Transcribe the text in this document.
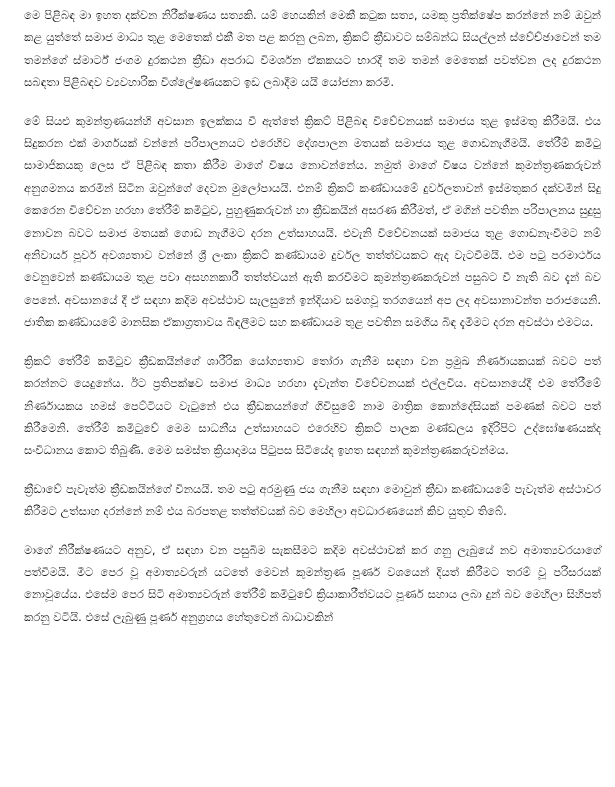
මෙ පිළිබඳ මා ඉහත දක්වන නිරීක්ෂණය සත්‍යකි. යම් හෙයකින් මෙකී කටුක සත්‍ය, යමකු ප්‍රතික්ෂේප කරන්නේ නම් ඔවුන් කළ යුත්තේ සමාජ මාධ්‍ය තුළ මෙතෙක් එකී මත පළ කරනු ලබන, ක්‍රිකට් ක්‍රීඩාවට සම්බන්ධ සියල්ලන් ස්වේච්ඡාවෙන් තම තමන්ගේ ස්මාර්ට් ජංගම දුරකථන ක්‍රීඩා අපරාධ විමර්ශන ඒකකයට භාරදී තම තමන් මෙතෙක් පවත්වන ලද දුරකථන සබඳතා පිළිබඳව ව්‍යවහාරික විශ්ලේෂණයකට ඉඩ ලබාදීම යයි යෝජනා කරමි.

මේ සියළු කුමන්ත්‍රණයන්හි අවසාන ඉලක්කය වී ඇත්තේ ක්‍රිකට් පිළිබඳ විවේචනයක් සමාජය තුළ ඉස්මතු කිරීමයි. එය සිදුකරන එක් මාර්ගයක් වන්නේ පරිපාලනයට එරෙහිව දේශපාලන මතයක් සමාජය තුළ ගොඩනැගීමයි. තේරීම් කමිටු සාමාජිකයකු ලෙස ඒ පිළිබඳ කතා කිරීම මාගේ විෂය නොවන්නේය. නමුත් මාගේ විෂය වන්නේ කුමන්ත්‍රණකරුවන් අනුගමනය කරමින් සිටින ඔවුන්ගේ දෙවන මුලෝපායයි. එනම් ක්‍රිකට් කණ්ඩායමේ දුර්වලතාවන් ඉස්මතුකර දක්වමින් සිදු කෙරෙන විවේචන හරහා තේරීම් කමිටුව, පුහුණුකරුවන් හා ක්‍රීඩකයින් අසරණ කිරීමත්, ඒ මගින් පවතින පරිපාලනය සුදුසු නොවන බවට සමාජ මතයක් ගොඩ නැගීමට දරන උත්සාහයයි. එවැනි විවේචනයක් සමාජය තුළ ගොඩනැංවීමට නම් අනිවාර්ය පූර්ව අවශ්‍යතාව වන්නේ ශ්‍රී ලංකා ක්‍රිකට් කණ්ඩායම දුර්වල තත්ත්වයකට ඇද වැටවීමයි. එම පටු පරමාර්ථය වෙනුවෙන් කණ්ඩායම තුළ පවා අසහනකාරී තත්ත්වයන් ඇති කරවීමට කුමන්ත්‍රණකරුවන් පසුබට වී නැති බව දැන් බව පෙනේ. අවසානයේ දී ඒ සඳහා කදිම අවස්ථාව සැලසුනේ ඉන්දියාව සමගවූ තරගයෙන් අප ලද අවසානාවන්ත පරාජයෙනි. ජාතික කණ්ඩායමේ මානසික ඒකාග්‍රතාවය බිඳලීමට සහ කණ්ඩායම තුළ පවතින සමගිය බිඳ දැමීමට දරන අවස්ථා එමටය.

ක්‍රිකට් තේරීම් කමිටුව ක්‍රීඩකයින්ගේ ශාරීරික යෝග්‍යතාව තෝරා ගැනීම සඳහා වන ප්‍රමුඛ නිර්ණායකයක් බවට පත් කරන්නට යෙදුනේය. ඊට ප්‍රතිපක්ෂව සමාජ මාධ්‍ය හරහා දැවැන්ත විවේචනයක් එල්ලවිය. අවසානයේදී එම තේරීමේ නිර්ණායකය හමස් පෙට්ටියට වැටුනේ එය ක්‍රීඩකයන්ගේ ගිවිසුමේ නාම මාත්‍රික කොන්දේසියක් පමණක් බවට පත් කිරීමෙනි. තේරීම් කමිටුවේ මෙම සාධනීය උත්සාහයට එරෙහිව ක්‍රිකට් පාලක මණ්ඩලය ඉදිරිපිට උද්ඝෝෂණයක්ද සංවිධානය කොට තිබුණි. මෙම සමස්ත ක්‍රියාදාමය පිටුපස සිටියේද ඉහත සඳහන් කුමන්ත්‍රණකරුවන්මය.

ක්‍රීඩාවේ පැවැත්ම ක්‍රීඩකයින්ගේ විනයයි. තම පටු අරමුණු ජය ගැනීම සඳහා මොවුන් ක්‍රීඩා කණ්ඩායමේ පැවැත්ම අස්ථාවර කිරීමට උත්සාහ දරන්නේ නම් එය බරපතළ තත්ත්වයක් බව මෙහිලා අවධාරණයෙන් කිව යුතුව තිබේ.

මාගේ නිරීක්ෂණයට අනුව, ඒ සඳහා වන පසුබිම සැකසීමට කදිම අවස්ථාවක් කර ගනු ලැබුයේ නව අමාත්‍යවරයාගේ පත්වීමයි. මීට පෙර වූ අමාත්‍යවරුන් යටතේ මෙවන් කුමන්ත්‍රණ පූර්ණ වශයෙන් දියත් කිරීමට තරම් වූ පරිසරයක් නොවූයේය. එසේම පෙර සිටි අමාත්‍යවරුන් තේරීම් කමිටුවේ ක්‍රියාකාරීත්වයට පූර්ණ සහාය ලබා දුන් බව මෙහිලා සිහිපත් කරනු වටියි. එසේ ලැබුණු පූර්ණ අනුග්‍රහය හේතුවෙන් බාධාවකින්
